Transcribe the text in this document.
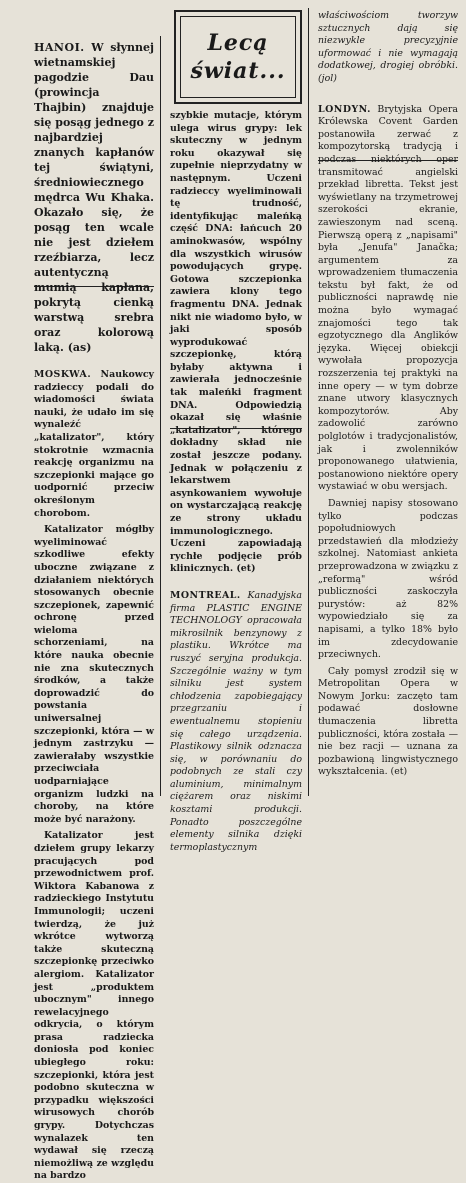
Lecą
świat...

HANOI. W słynnej wietnamskiej pagodzie Dau (prowincja Thajbin) znajduje się posąg jednego z najbardziej znanych kapłanów tej świątyni, średniowiecznego mędrca Wu Khaka. Okazało się, że posąg ten wcale nie jest dziełem rzeźbiarza, lecz autentyczną mumią kapłana, pokrytą cienką warstwą srebra oraz kolorową laką. (as)

MOSKWA. Naukowcy radzieccy podali do wiadomości świata nauki, że udało im się wynaleźć „katalizator", który stokrotnie wzmacnia reakcję organizmu na szczepionki mające go uodpornić przeciw określonym chorobom.

Katalizator mógłby wyeliminować szkodliwe efekty uboczne związane z działaniem niektórych stosowanych obecnie szczepionek, zapewnić ochronę przed wieloma schorzeniami, na które nauka obecnie nie zna skutecznych środków, a także doprowadzić do powstania uniwersalnej szczepionki, która — w jednym zastrzyku — zawierałaby wszystkie przeciwciała uodparniające organizm ludzki na choroby, na które może być narażony.

Katalizator jest dziełem grupy lekarzy pracujących pod przewodnictwem prof. Wiktora Kabanowa z radzieckiego Instytutu Immunologii; uczeni twierdzą, że już wkrótce wytworzą także skuteczną szczepionkę przeciwko alergiom. Katalizator jest „produktem ubocznym" innego rewelacyjnego odkrycia, o którym prasa radziecka doniosła pod koniec ubiegłego roku: szczepionki, która jest podobno skuteczna w przypadku większości wirusowych chorób grypy. Dotychczas wynalazek ten wydawał się rzeczą niemożliwą ze względu na bardzo

szybkie mutacje, którym ulega wirus grypy: lek skuteczny w jednym roku okazywał się zupełnie nieprzydatny w następnym. Uczeni radzieccy wyeliminowali tę trudność, identyfikując maleńką część DNA: łańcuch 20 aminokwasów, wspólny dla wszystkich wirusów powodujących grypę. Gotowa szczepionka zawiera klony tego fragmentu DNA. Jednak nikt nie wiadomo było, w jaki sposób wyprodukować szczepionkę, którą byłaby aktywna i zawierała jednocześnie tak maleńki fragment DNA. Odpowiedzią okazał się właśnie „katalizator", którego dokładny skład nie został jeszcze podany. Jednak w połączeniu z lekarstwem asynkowaniem wywołuje on wystarczającą reakcję ze strony układu immunologicznego. Uczeni zapowiadają rychłe podjęcie prób klinicznych. (et)

MONTREAL. Kanadyjska firma PLASTIC ENGINE TECHNOLOGY opracowała mikrosilnik benzynowy z plastiku. Wkrótce ma ruszyć seryjna produkcja. Szczególnie ważny w tym silniku jest system chłodzenia zapobiegający przegrzaniu i ewentualnemu stopieniu się całego urządzenia. Plastikowy silnik odznacza się, w porównaniu do podobnych ze stali czy aluminium, minimalnym ciężarem oraz niskimi kosztami produkcji. Ponadto poszczególne elementy silnika dzięki termoplastycznym

właściwościom tworzyw sztucznych dają się niezwykle precyzyjnie uformować i nie wymagają dodatkowej, drogiej obróbki. (jol)

LONDYN. Brytyjska Opera Królewska Covent Garden postanowiła zerwać z kompozytorską tradycją i podczas niektórych oper transmitować angielski przekład libretta. Tekst jest wyświetlany na trzymetrowej szerokości ekranie, zawieszonym nad sceną. Pierwszą operą z „napisami" była „Jenufa" Janačka; argumentem za wprowadzeniem tłumaczenia tekstu był fakt, że od publiczności naprawdę nie można było wymagać znajomości tego tak egzotycznego dla Anglików języka. Więcej obiekcji wywołała propozycja rozszerzenia tej praktyki na inne opery — w tym dobrze znane utwory klasycznych kompozytorów. Aby zadowolić zarówno polglotów i tradycjonalistów, jak i zwolenników proponowanego ułatwienia, postanowiono niektóre opery wystawiać w obu wersjach.

Dawniej napisy stosowano tylko podczas popołudniowych przedstawień dla młodzieży szkolnej. Natomiast ankieta przeprowadzona w związku z „reformą" wśród publiczności zaskoczyła purystów: aż 82% wypowiedziało się za napisami, a tylko 18% było im zdecydowanie przeciwnych.

Cały pomysł zrodził się w Metropolitan Opera w Nowym Jorku: zaczęto tam podawać dosłowne tłumaczenia libretta publiczności, która została — nie bez racji — uznana za pozbawioną lingwistycznego wykształcenia. (et)
